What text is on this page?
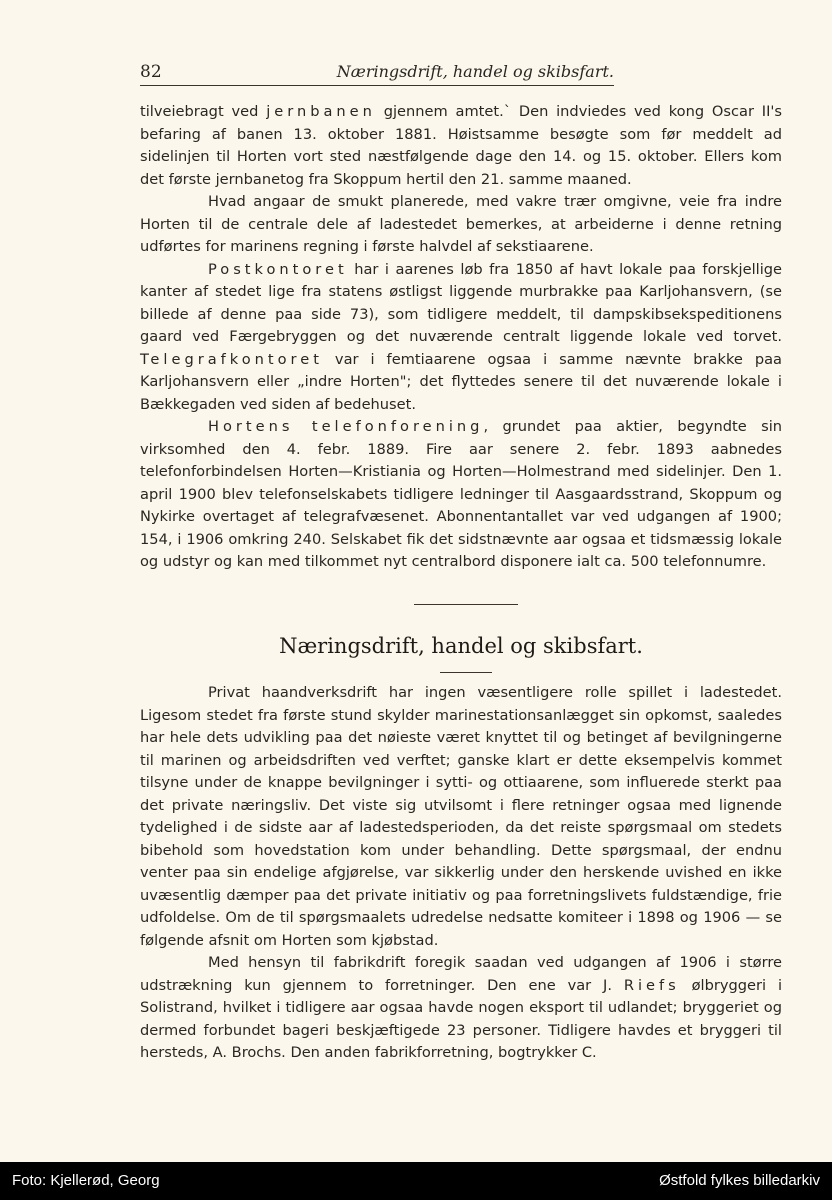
82	Næringsdrift, handel og skibsfart.

tilveiebragt ved jernbanen gjennem amtet.` Den indviedes ved kong Oscar II's befaring af banen 13. oktober 1881. Høistsamme besøgte som før meddelt ad sidelinjen til Horten vort sted næstfølgende dage den 14. og 15. oktober. Ellers kom det første jernbanetog fra Skoppum hertil den 21. samme maaned.

Hvad angaar de smukt planerede, med vakre trær omgivne, veie fra indre Horten til de centrale dele af ladestedet bemerkes, at arbeiderne i denne retning udførtes for marinens regning i første halvdel af sekstiaarene.

Postkontoret har i aarenes løb fra 1850 af havt lokale paa forskjellige kanter af stedet lige fra statens østligst liggende murbrakke paa Karljohansvern, (se billede af denne paa side 73), som tidligere meddelt, til dampskibsekspeditionens gaard ved Færgebryggen og det nuværende centralt liggende lokale ved torvet. Telegrafkontoret var i femtiaarene ogsaa i samme nævnte brakke paa Karljohansvern eller „indre Horten"; det flyttedes senere til det nuværende lokale i Bækkegaden ved siden af bedehuset.

Hortens telefonforening, grundet paa aktier, begyndte sin virksomhed den 4. febr. 1889. Fire aar senere 2. febr. 1893 aabnedes telefonforbindelsen Horten—Kristiania og Horten—Holmestrand med sidelinjer. Den 1. april 1900 blev telefonselskabets tidligere ledninger til Aasgaardsstrand, Skoppum og Nykirke overtaget af telegrafvæsenet. Abonnentantallet var ved udgangen af 1900; 154, i 1906 omkring 240. Selskabet fik det sidstnævnte aar ogsaa et tidsmæssig lokale og udstyr og kan med tilkommet nyt centralbord disponere ialt ca. 500 telefonnumre.

Næringsdrift, handel og skibsfart.

Privat haandverksdrift har ingen væsentligere rolle spillet i ladestedet. Ligesom stedet fra første stund skylder marinestationsanlægget sin opkomst, saaledes har hele dets udvikling paa det nøieste været knyttet til og betinget af bevilgningerne til marinen og arbeidsdriften ved verftet; ganske klart er dette eksempelvis kommet tilsyne under de knappe bevilgninger i sytti- og ottiaarene, som influerede sterkt paa det private næringsliv. Det viste sig utvilsomt i flere retninger ogsaa med lignende tydelighed i de sidste aar af ladestedsperioden, da det reiste spørgsmaal om stedets bibehold som hovedstation kom under behandling. Dette spørgsmaal, der endnu venter paa sin endelige afgjørelse, var sikkerlig under den herskende uvished en ikke uvæsentlig dæmper paa det private initiativ og paa forretningslivets fuldstændige, frie udfoldelse. Om de til spørgsmaalets udredelse nedsatte komiteer i 1898 og 1906 — se følgende afsnit om Horten som kjøbstad.

Med hensyn til fabrikdrift foregik saadan ved udgangen af 1906 i større udstrækning kun gjennem to forretninger. Den ene var J. Riefs ølbryggeri i Solistrand, hvilket i tidligere aar ogsaa havde nogen eksport til udlandet; bryggeriet og dermed forbundet bageri beskjæftigede 23 personer. Tidligere havdes et bryggeri til hersteds, A. Brochs. Den anden fabrikforretning, bogtrykker C.

Foto: Kjellerød, Georg	Østfold fylkes billedarkiv
